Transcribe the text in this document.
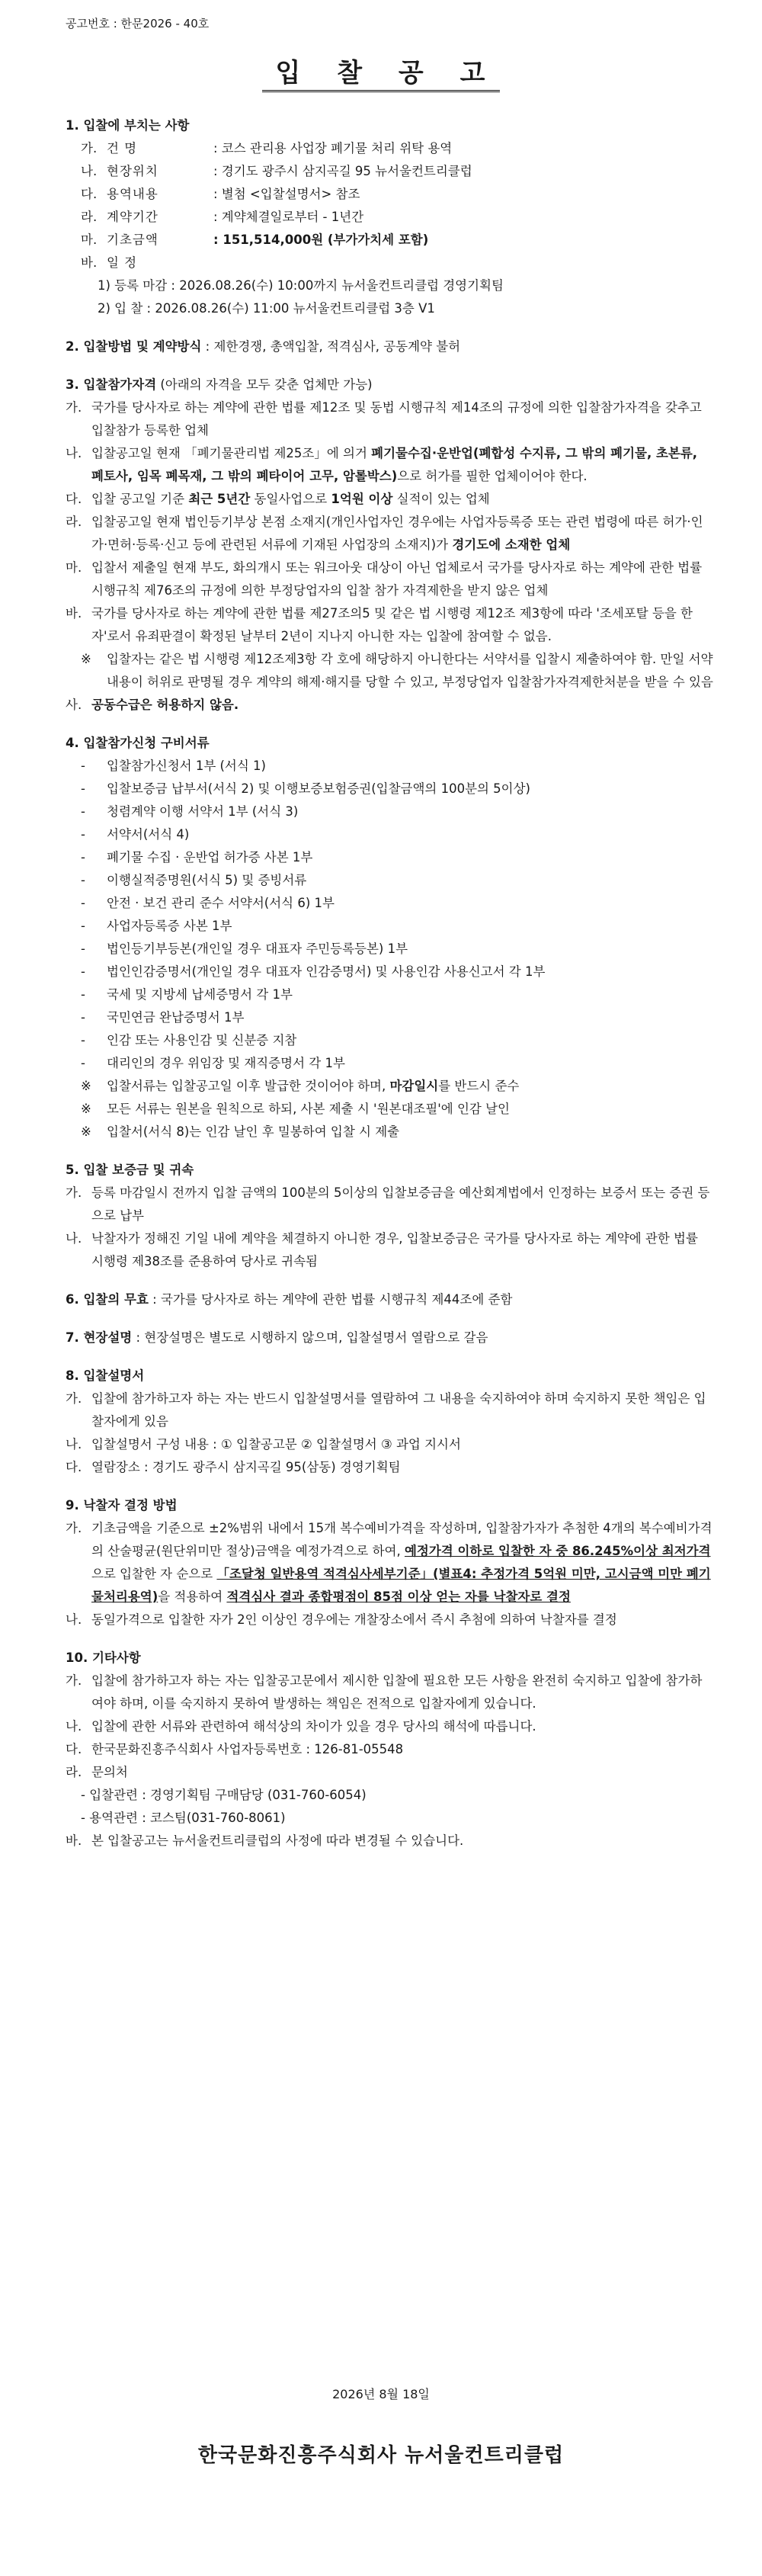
공고번호 : 한문2026 - 40호
입 찰 공 고
1. 입찰에 부치는 사항
가. 건 명	: 코스 관리용 사업장 폐기물 처리 위탁 용역
나. 현장위치	: 경기도 광주시 삼지곡길 95 뉴서울컨트리클럽
다. 용역내용	: 별첨 <입찰설명서> 참조
라. 계약기간	: 계약체결일로부터 - 1년간
마. 기초금액	: 151,514,000원 (부가가치세 포함)
바. 일 정
1) 등록 마감 : 2026.08.26(수) 10:00까지 뉴서울컨트리클럽 경영기획팀
2) 입 찰 : 2026.08.26(수) 11:00 뉴서울컨트리클럽 3층 V1
2. 입찰방법 및 계약방식 : 제한경쟁, 총액입찰, 적격심사, 공동계약 불허
3. 입찰참가자격 (아래의 자격을 모두 갖춘 업체만 가능)
가. 국가를 당사자로 하는 계약에 관한 법률 제12조 및 동법 시행규칙 제14조의 규정에 의한 입찰참가자격을 갖추고 입찰참가 등록한 업체
나. 입찰공고일 현재 「폐기물관리법 제25조」에 의거 폐기물수집·운반업(폐합성 수지류, 그 밖의 폐기물, 초본류, 폐토사, 임목 폐목재, 그 밖의 폐타이어 고무, 암롤박스)으로 허가를 필한 업체이어야 한다.
다. 입찰 공고일 기준 최근 5년간 동일사업으로 1억원 이상 실적이 있는 업체
라. 입찰공고일 현재 법인등기부상 본점 소재지(개인사업자인 경우에는 사업자등록증 또는 관련 법령에 따른 허가·인가·면허·등록·신고 등에 관련된 서류에 기재된 사업장의 소재지)가 경기도에 소재한 업체
마. 입찰서 제출일 현재 부도, 화의개시 또는 워크아웃 대상이 아닌 업체로서 국가를 당사자로 하는 계약에 관한 법률 시행규칙 제76조의 규정에 의한 부정당업자의 입찰 참가 자격제한을 받지 않은 업체
바. 국가를 당사자로 하는 계약에 관한 법률 제27조의5 및 같은 법 시행령 제12조 제3항에 따라 '조세포탈 등을 한 자'로서 유죄판결이 확정된 날부터 2년이 지나지 아니한 자는 입찰에 참여할 수 없음.
※	입찰자는 같은 법 시행령 제12조제3항 각 호에 해당하지 아니한다는 서약서를 입찰시 제출하여야 함. 만일 서약내용이 허위로 판명될 경우 계약의 해제·해지를 당할 수 있고, 부정당업자 입찰참가자격제한처분을 받을 수 있음
사. 공동수급은 허용하지 않음.
4. 입찰참가신청 구비서류
-	입찰참가신청서 1부 (서식 1)
-	입찰보증금 납부서(서식 2) 및 이행보증보험증권(입찰금액의 100분의 5이상)
-	청렴계약 이행 서약서 1부 (서식 3)
-	서약서(서식 4)
-	폐기물 수집 · 운반업 허가증 사본 1부
-	이행실적증명원(서식 5) 및 증빙서류
-	안전 · 보건 관리 준수 서약서(서식 6) 1부
-	사업자등록증 사본 1부
-	법인등기부등본(개인일 경우 대표자 주민등록등본) 1부
-	법인인감증명서(개인일 경우 대표자 인감증명서) 및 사용인감 사용신고서 각 1부
-	국세 및 지방세 납세증명서 각 1부
-	국민연금 완납증명서 1부
-	인감 또는 사용인감 및 신분증 지참
-	대리인의 경우 위임장 및 재직증명서 각 1부
※	입찰서류는 입찰공고일 이후 발급한 것이어야 하며, 마감일시를 반드시 준수
※	모든 서류는 원본을 원칙으로 하되, 사본 제출 시 '원본대조필'에 인감 날인
※	입찰서(서식 8)는 인감 날인 후 밀봉하여 입찰 시 제출
5. 입찰 보증금 및 귀속
가. 등록 마감일시 전까지 입찰 금액의 100분의 5이상의 입찰보증금을 예산회계법에서 인정하는 보증서 또는 증권 등으로 납부
나. 낙찰자가 정해진 기일 내에 계약을 체결하지 아니한 경우, 입찰보증금은 국가를 당사자로 하는 계약에 관한 법률 시행령 제38조를 준용하여 당사로 귀속됨
6. 입찰의 무효 : 국가를 당사자로 하는 계약에 관한 법률 시행규칙 제44조에 준함
7. 현장설명 : 현장설명은 별도로 시행하지 않으며, 입찰설명서 열람으로 갈음
8. 입찰설명서
가. 입찰에 참가하고자 하는 자는 반드시 입찰설명서를 열람하여 그 내용을 숙지하여야 하며 숙지하지 못한 책임은 입찰자에게 있음
나. 입찰설명서 구성 내용 : ① 입찰공고문 ② 입찰설명서 ③ 과업 지시서
다. 열람장소 : 경기도 광주시 삼지곡길 95(삼동) 경영기획팀
9. 낙찰자 결정 방법
가. 기초금액을 기준으로 ±2%범위 내에서 15개 복수예비가격을 작성하며, 입찰참가자가 추첨한 4개의 복수예비가격의 산술평균(원단위미만 절상)금액을 예정가격으로 하여, 예정가격 이하로 입찰한 자 중 86.245%이상 최저가격으로 입찰한 자 순으로 「조달청 일반용역 적격심사세부기준」(별표4: 추정가격 5억원 미만, 고시금액 미만 폐기물처리용역)을 적용하여 적격심사 결과 종합평점이 85점 이상 얻는 자를 낙찰자로 결정
나. 동일가격으로 입찰한 자가 2인 이상인 경우에는 개찰장소에서 즉시 추첨에 의하여 낙찰자를 결정
10. 기타사항
가. 입찰에 참가하고자 하는 자는 입찰공고문에서 제시한 입찰에 필요한 모든 사항을 완전히 숙지하고 입찰에 참가하여야 하며, 이를 숙지하지 못하여 발생하는 책임은 전적으로 입찰자에게 있습니다.
나. 입찰에 관한 서류와 관련하여 해석상의 차이가 있을 경우 당사의 해석에 따릅니다.
다. 한국문화진흥주식회사 사업자등록번호 : 126-81-05548
라. 문의처
- 입찰관련 : 경영기획팀 구매담당 (031-760-6054)
- 용역관련 : 코스팀(031-760-8061)
바. 본 입찰공고는 뉴서울컨트리클럽의 사정에 따라 변경될 수 있습니다.
2026년 8월 18일
한국문화진흥주식회사 뉴서울컨트리클럽
